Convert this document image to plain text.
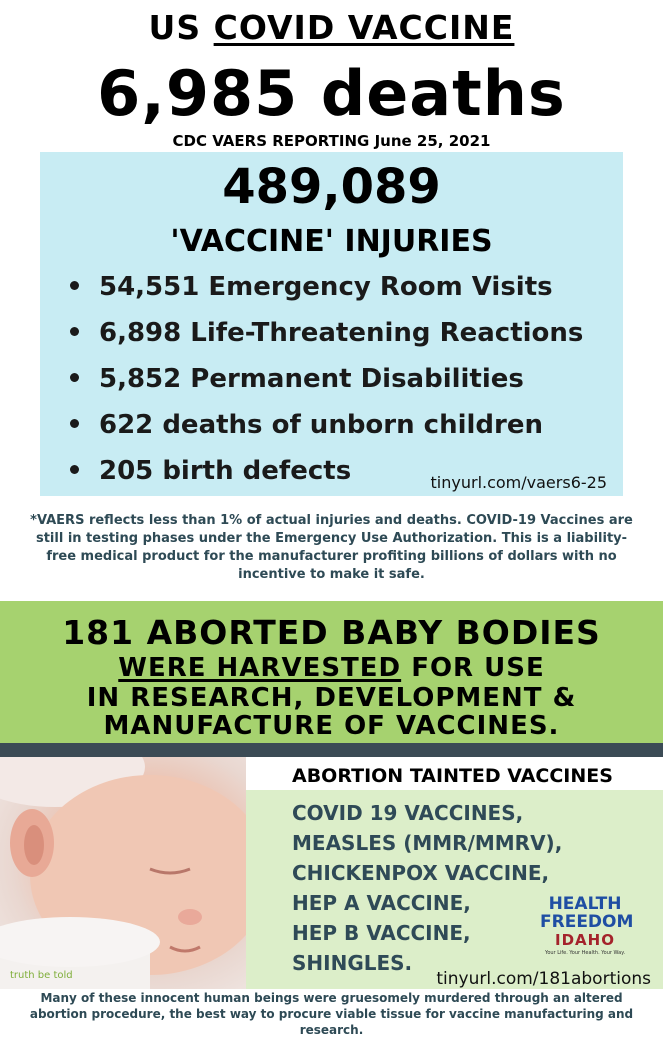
US COVID VACCINE
6,985 deaths
CDC VAERS REPORTING June 25, 2021
489,089
'VACCINE' INJURIES
54,551 Emergency Room Visits
6,898 Life-Threatening Reactions
5,852 Permanent Disabilities
622 deaths of unborn children
205 birth defects	tinyurl.com/vaers6-25
*VAERS reflects less than 1% of actual injuries and deaths. COVID-19 Vaccines are still in testing phases under the Emergency Use Authorization. This is a liability-free medical product for the manufacturer profiting billions of dollars with no incentive to make it safe.
181 ABORTED BABY BODIES
WERE HARVESTED FOR USE
IN RESEARCH, DEVELOPMENT &
MANUFACTURE OF VACCINES.
truth be told
ABORTION TAINTED VACCINES
COVID 19 VACCINES,
MEASLES (MMR/MMRV),
CHICKENPOX VACCINE,
HEP A VACCINE,
HEP B VACCINE,
SHINGLES.
tinyurl.com/181abortions
HEALTH
FREEDOM
IDAHO
Your Life. Your Health. Your Way.
Many of these innocent human beings were gruesomely murdered through an altered abortion procedure, the best way to procure viable tissue for vaccine manufacturing and research.
